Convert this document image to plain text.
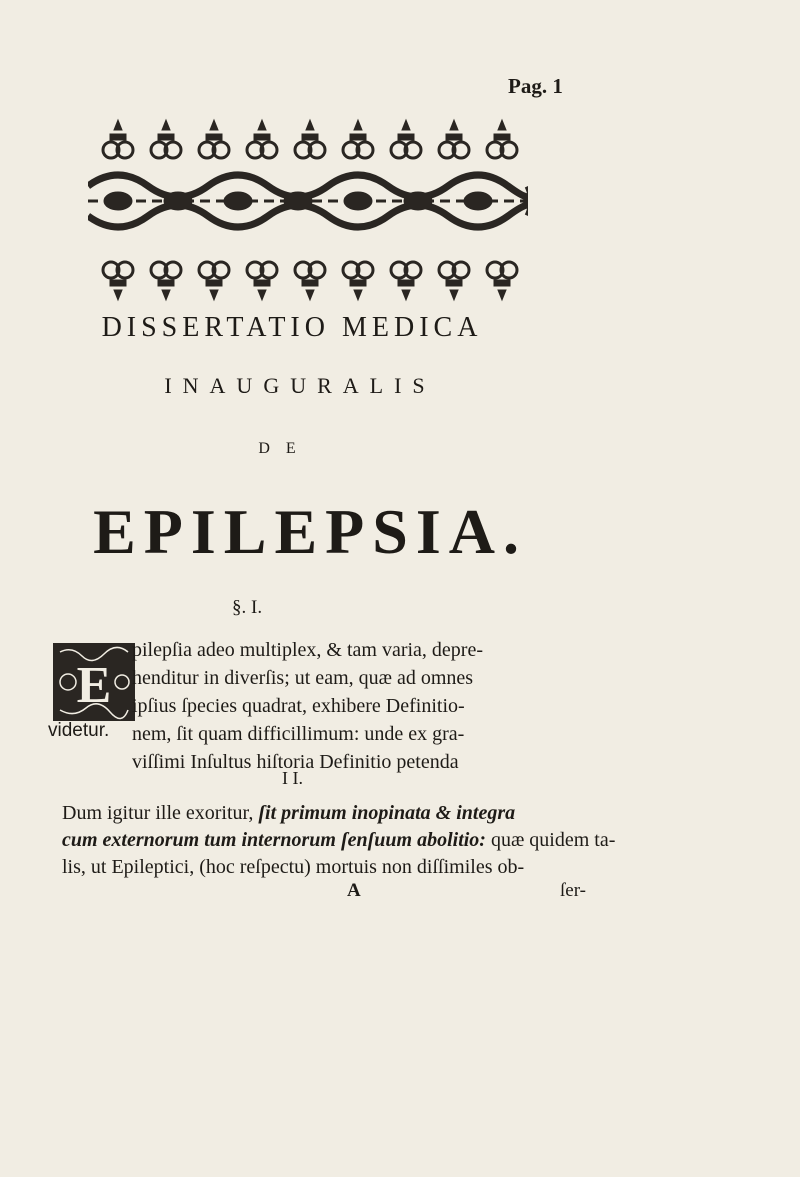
Pag. 1
DISSERTATIO MEDICA
INAUGURALIS
D E
EPILEPSIA.
§. I.
E
pilepſia adeo multiplex, & tam varia, depre-
henditur in diverſis; ut eam, quæ ad omnes
ipſius ſpecies quadrat, exhibere Definitio-
nem, ſit quam difficillimum: unde ex gra-
viſſimi Inſultus hiſtoria Definitio petenda
videtur.
I I.
Dum igitur ille exoritur, ſit primum inopinata & integra
cum externorum tum internorum ſenſuum abolitio: quæ quidem ta-
lis, ut Epileptici, (hoc reſpectu) mortuis non diſſimiles ob-
A	ſer-
